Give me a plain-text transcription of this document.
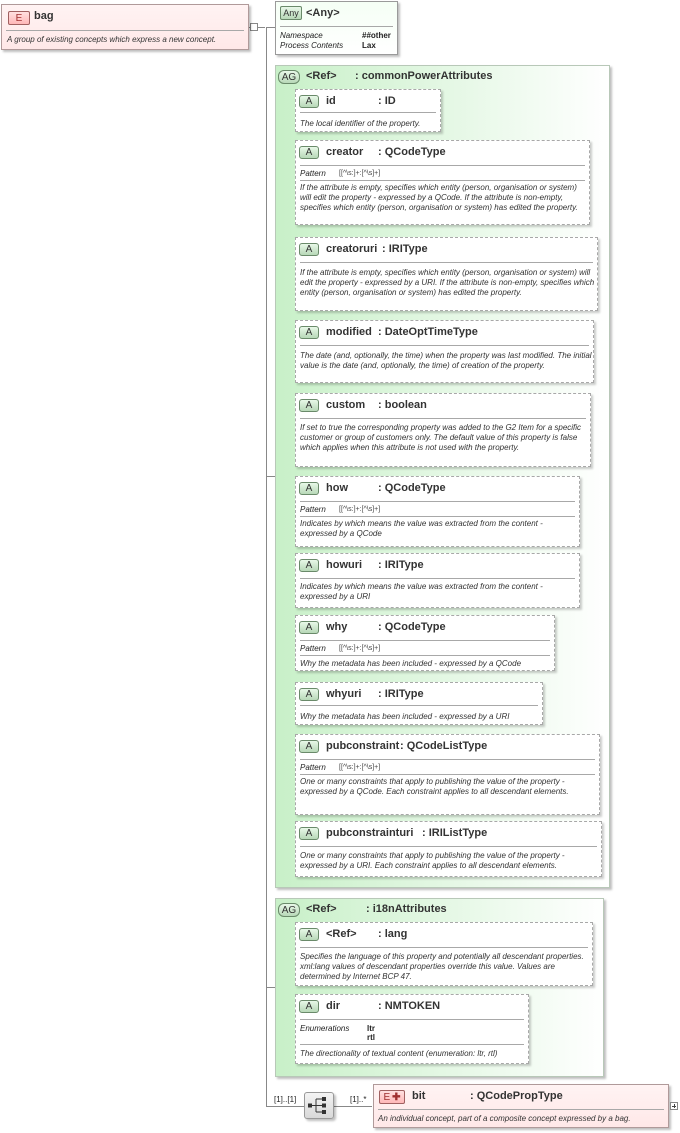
E	bag
A group of existing concepts which express a new concept.
Any <Any>
Namespace	##other
Process Contents Lax
AG <Ref> : commonPowerAttributes
A	id	: ID
The local identifier of the property.
A	creator : QCodeType
Pattern [[^\s:]+:[^\s]+]
If the attribute is empty, specifies which entity (person, organisation or system) will edit the property - expressed by a QCode. If the attribute is non-empty, specifies which entity (person, organisation or system) has edited the property.
A	creatoruri : IRIType
If the attribute is empty, specifies which entity (person, organisation or system) will edit the property - expressed by a URI. If the attribute is non-empty, specifies which entity (person, organisation or system) has edited the property.
A	modified : DateOptTimeType
The date (and, optionally, the time) when the property was last modified. The initial value is the date (and, optionally, the time) of creation of the property.
A	custom : boolean
If set to true the corresponding property was added to the G2 Item for a specific customer or group of customers only. The default value of this property is false which applies when this attribute is not used with the property.
A	how	: QCodeType
Pattern [[^\s:]+:[^\s]+]
Indicates by which means the value was extracted from the content - expressed by a QCode
A	howuri : IRIType
Indicates by which means the value was extracted from the content - expressed by a URI
A	why	: QCodeType
Pattern [[^\s:]+:[^\s]+]
Why the metadata has been included - expressed by a QCode
A	whyuri : IRIType
Why the metadata has been included - expressed by a URI
A	pubconstraint : QCodeListType
Pattern [[^\s:]+:[^\s]+]
One or many constraints that apply to publishing the value of the property - expressed by a QCode. Each constraint applies to all descendant elements.
A	pubconstrainturi : IRIListType
One or many constraints that apply to publishing the value of the property - expressed by a URI. Each constraint applies to all descendant elements.
AG <Ref>	: i18nAttributes
A	<Ref> : lang
Specifies the language of this property and potentially all descendant properties. xml:lang values of descendant properties override this value. Values are determined by Internet BCP 47.
A	dir	: NMTOKEN
Enumerations ltr
rtl
The directionality of textual content (enumeration: ltr, rtl)
[1]..[1]	[1]..* E ✚ bit	: QCodePropType
An individual concept, part of a composite concept expressed by a bag.
